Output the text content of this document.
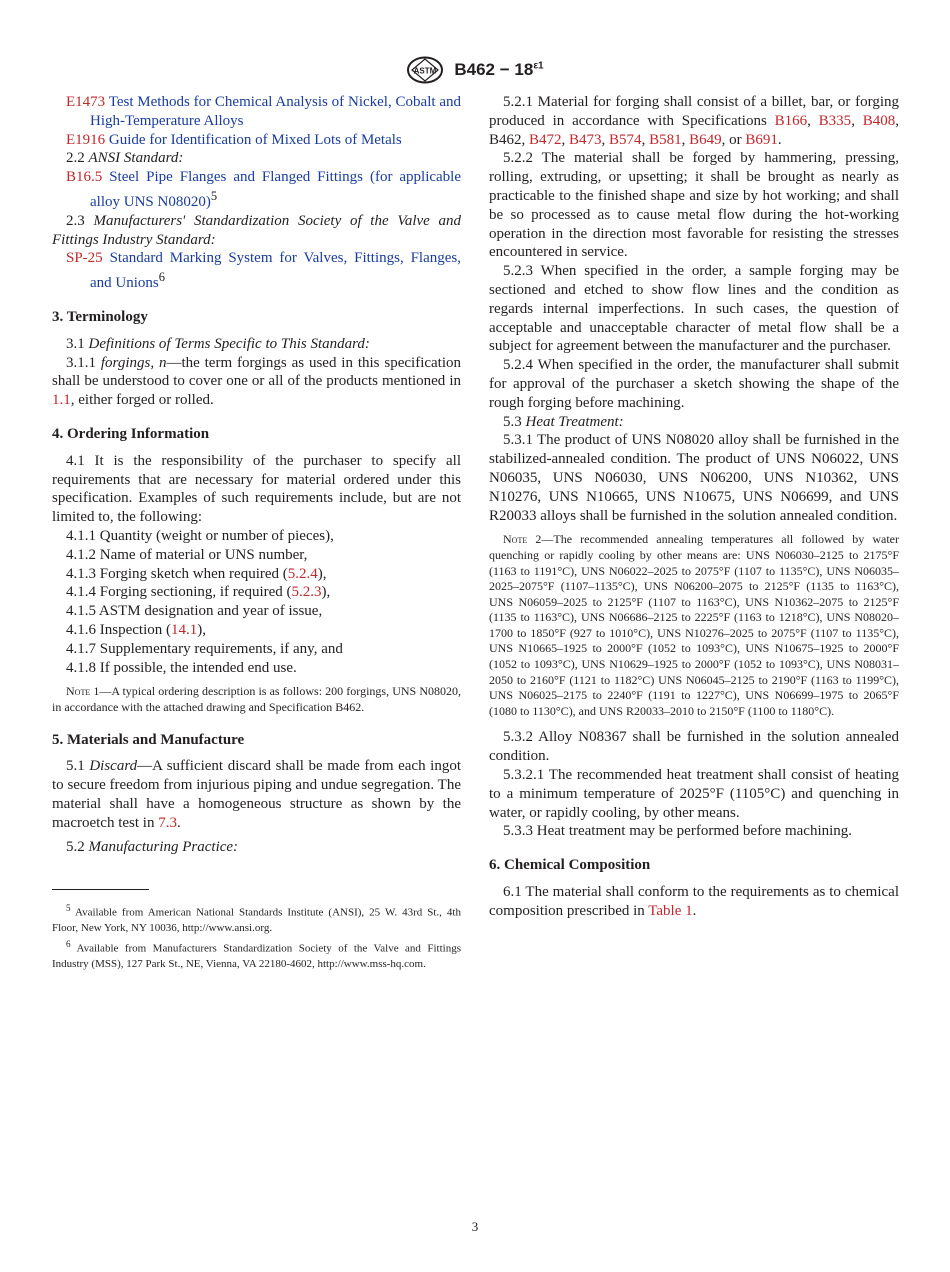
ASTM $B462 - 18^{\varepsilon 1}$

E1473 Test Methods for Chemical Analysis of Nickel, Cobalt and High-Temperature Alloys

E1916 Guide for Identification of Mixed Lots of Metals

2.2 ANSI Standard:

B16.5 Steel Pipe Flanges and Flanged Fittings (for applicable alloy UNS N08020)$^5$

2.3 Manufacturers' Standardization Society of the Valve and Fittings Industry Standard:

SP-25 Standard Marking System for Valves, Fittings, Flanges, and Unions$^6$

3. Terminology

3.1 Definitions of Terms Specific to This Standard:

3.1.1 forgings, n—the term forgings as used in this specification shall be understood to cover one or all of the products mentioned in 1.1, either forged or rolled.

4. Ordering Information

4.1 It is the responsibility of the purchaser to specify all requirements that are necessary for material ordered under this specification. Examples of such requirements include, but are not limited to, the following:

4.1.1 Quantity (weight or number of pieces),

4.1.2 Name of material or UNS number,

4.1.3 Forging sketch when required (5.2.4),

4.1.4 Forging sectioning, if required (5.2.3),

4.1.5 ASTM designation and year of issue,

4.1.6 Inspection (14.1),

4.1.7 Supplementary requirements, if any, and

4.1.8 If possible, the intended end use.

Note 1—A typical ordering description is as follows: 200 forgings, UNS N08020, in accordance with the attached drawing and Specification B462.

5. Materials and Manufacture

5.1 Discard—A sufficient discard shall be made from each ingot to secure freedom from injurious piping and undue segregation. The material shall have a homogeneous structure as shown by the macroetch test in 7.3.

5.2 Manufacturing Practice:

$^5$ Available from American National Standards Institute (ANSI), 25 W. 43rd St., 4th Floor, New York, NY 10036, http://www.ansi.org.

$^6$ Available from Manufacturers Standardization Society of the Valve and Fittings Industry (MSS), 127 Park St., NE, Vienna, VA 22180-4602, http://www.mss-hq.com.

5.2.1 Material for forging shall consist of a billet, bar, or forging produced in accordance with Specifications B166, B335, B408, B462, B472, B473, B574, B581, B649, or B691.

5.2.2 The material shall be forged by hammering, pressing, rolling, extruding, or upsetting; it shall be brought as nearly as practicable to the finished shape and size by hot working; and shall be so processed as to cause metal flow during the hot-working operation in the direction most favorable for resisting the stresses encountered in service.

5.2.3 When specified in the order, a sample forging may be sectioned and etched to show flow lines and the condition as regards internal imperfections. In such cases, the question of acceptable and unacceptable character of metal flow shall be a subject for agreement between the manufacturer and the purchaser.

5.2.4 When specified in the order, the manufacturer shall submit for approval of the purchaser a sketch showing the shape of the rough forging before machining.

5.3 Heat Treatment:

5.3.1 The product of UNS N08020 alloy shall be furnished in the stabilized-annealed condition. The product of UNS N06022, UNS N06035, UNS N06030, UNS N06200, UNS N10362, UNS N10276, UNS N10665, UNS N10675, UNS N06699, and UNS R20033 alloys shall be furnished in the solution annealed condition.

Note 2—The recommended annealing temperatures all followed by water quenching or rapidly cooling by other means are: UNS N06030–2125 to 2175°F (1163 to 1191°C), UNS N06022–2025 to 2075°F (1107 to 1135°C), UNS N06035–2025–2075°F (1107–1135°C), UNS N06200–2075 to 2125°F (1135 to 1163°C), UNS N06059–2025 to 2125°F (1107 to 1163°C), UNS N10362–2075 to 2125°F (1135 to 1163°C), UNS N06686–2125 to 2225°F (1163 to 1218°C), UNS N08020–1700 to 1850°F (927 to 1010°C), UNS N10276–2025 to 2075°F (1107 to 1135°C), UNS N10665–1925 to 2000°F (1052 to 1093°C), UNS N10675–1925 to 2000°F (1052 to 1093°C), UNS N10629–1925 to 2000°F (1052 to 1093°C), UNS N08031–2050 to 2160°F (1121 to 1182°C) UNS N06045–2125 to 2190°F (1163 to 1199°C), UNS N06025–2175 to 2240°F (1191 to 1227°C), UNS N06699–1975 to 2065°F (1080 to 1130°C), and UNS R20033–2010 to 2150°F (1100 to 1180°C).

5.3.2 Alloy N08367 shall be furnished in the solution annealed condition.

5.3.2.1 The recommended heat treatment shall consist of heating to a minimum temperature of 2025°F (1105°C) and quenching in water, or rapidly cooling, by other means.

5.3.3 Heat treatment may be performed before machining.

6. Chemical Composition

6.1 The material shall conform to the requirements as to chemical composition prescribed in Table 1.

3
